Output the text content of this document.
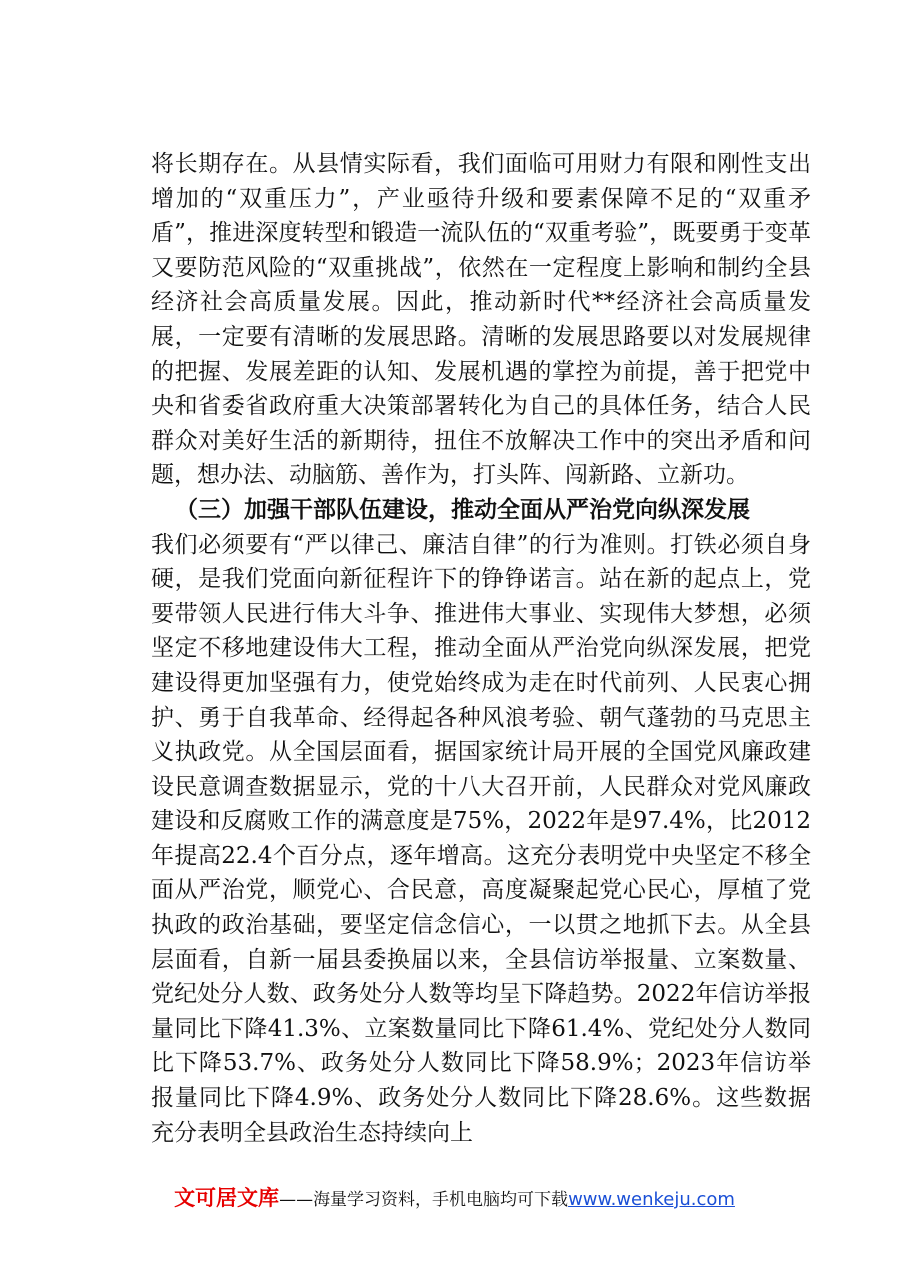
将长期存在。从县情实际看，我们面临可用财力有限和刚性支出增加的“双重压力”，产业亟待升级和要素保障不足的“双重矛盾”，推进深度转型和锻造一流队伍的“双重考验”，既要勇于变革又要防范风险的“双重挑战”，依然在一定程度上影响和制约全县经济社会高质量发展。因此，推动新时代**经济社会高质量发展，一定要有清晰的发展思路。清晰的发展思路要以对发展规律的把握、发展差距的认知、发展机遇的掌控为前提，善于把党中央和省委省政府重大决策部署转化为自己的具体任务，结合人民群众对美好生活的新期待，扭住不放解决工作中的突出矛盾和问题，想办法、动脑筋、善作为，打头阵、闯新路、立新功。

（三）加强干部队伍建设，推动全面从严治党向纵深发展

我们必须要有“严以律己、廉洁自律”的行为准则。打铁必须自身硬，是我们党面向新征程许下的铮铮诺言。站在新的起点上，党要带领人民进行伟大斗争、推进伟大事业、实现伟大梦想，必须坚定不移地建设伟大工程，推动全面从严治党向纵深发展，把党建设得更加坚强有力，使党始终成为走在时代前列、人民衷心拥护、勇于自我革命、经得起各种风浪考验、朝气蓬勃的马克思主义执政党。从全国层面看，据国家统计局开展的全国党风廉政建设民意调查数据显示，党的十八大召开前，人民群众对党风廉政建设和反腐败工作的满意度是75%，2022年是97.4%，比2012年提高22.4个百分点，逐年增高。这充分表明党中央坚定不移全面从严治党，顺党心、合民意，高度凝聚起党心民心，厚植了党执政的政治基础，要坚定信念信心，一以贯之地抓下去。从全县层面看，自新一届县委换届以来，全县信访举报量、立案数量、党纪处分人数、政务处分人数等均呈下降趋势。2022年信访举报量同比下降41.3%、立案数量同比下降61.4%、党纪处分人数同比下降53.7%、政务处分人数同比下降58.9%；2023年信访举报量同比下降4.9%、政务处分人数同比下降28.6%。这些数据充分表明全县政治生态持续向上

文可居文库——海量学习资料，手机电脑均可下载www.wenkeju.com
